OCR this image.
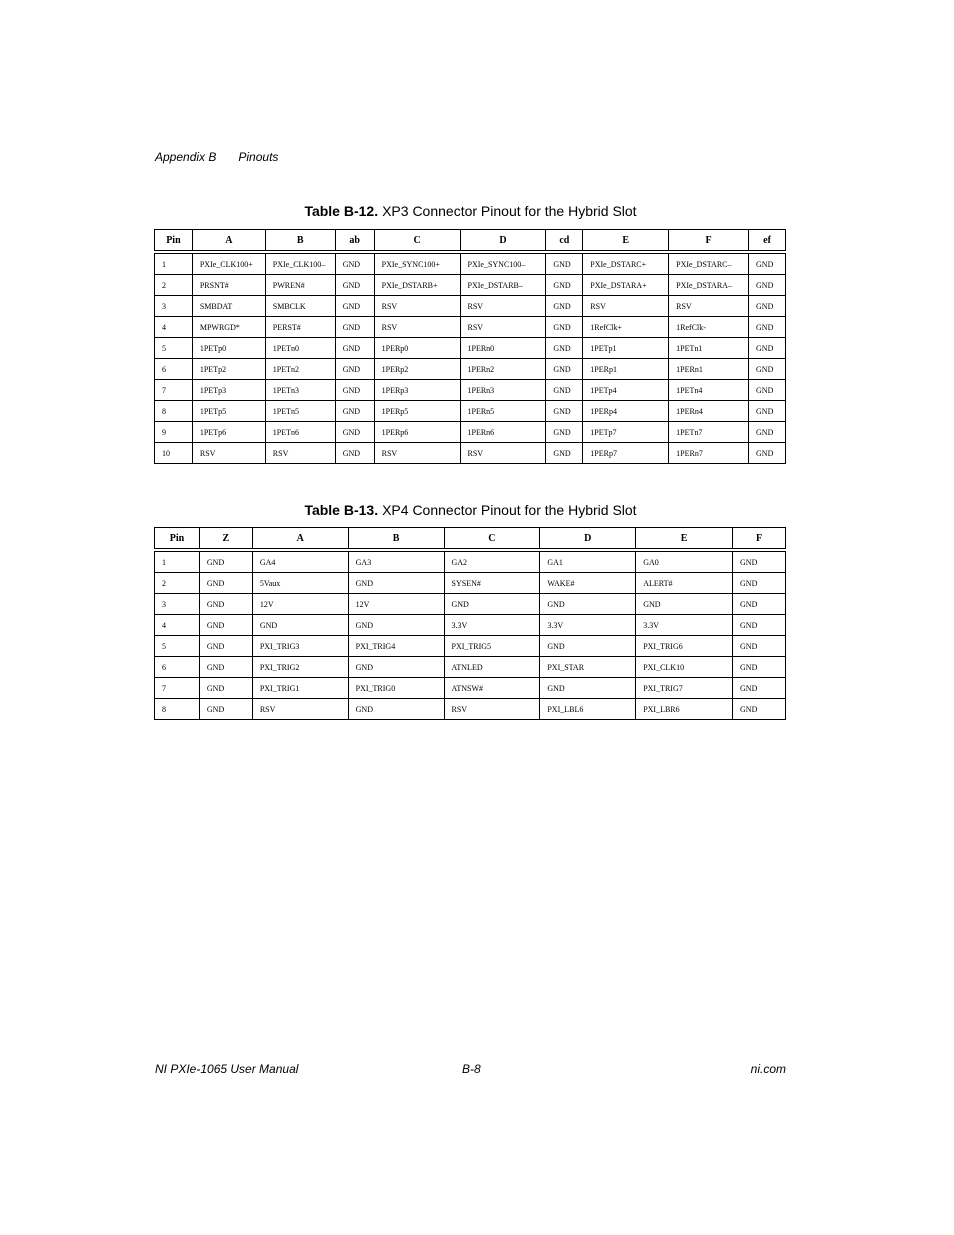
Appendix B Pinouts
Table B-12. XP3 Connector Pinout for the Hybrid Slot
Pin	A	B	ab	C	D	cd	E	F	ef
1	PXIe_CLK100+	PXIe_CLK100–	GND	PXIe_SYNC100+	PXIe_SYNC100–	GND	PXIe_DSTARC+	PXIe_DSTARC–	GND
2	PRSNT#	PWREN#	GND	PXIe_DSTARB+	PXIe_DSTARB–	GND	PXIe_DSTARA+	PXIe_DSTARA–	GND
3	SMBDAT	SMBCLK	GND	RSV	RSV	GND	RSV	RSV	GND
4	MPWRGD*	PERST#	GND	RSV	RSV	GND	1RefClk+	1RefClk-	GND
5	1PETp0	1PETn0	GND	1PERp0	1PERn0	GND	1PETp1	1PETn1	GND
6	1PETp2	1PETn2	GND	1PERp2	1PERn2	GND	1PERp1	1PERn1	GND
7	1PETp3	1PETn3	GND	1PERp3	1PERn3	GND	1PETp4	1PETn4	GND
8	1PETp5	1PETn5	GND	1PERp5	1PERn5	GND	1PERp4	1PERn4	GND
9	1PETp6	1PETn6	GND	1PERp6	1PERn6	GND	1PETp7	1PETn7	GND
10	RSV	RSV	GND	RSV	RSV	GND	1PERp7	1PERn7	GND
Table B-13. XP4 Connector Pinout for the Hybrid Slot
Pin	Z	A	B	C	D	E	F
1	GND	GA4	GA3	GA2	GA1	GA0	GND
2	GND	5Vaux	GND	SYSEN#	WAKE#	ALERT#	GND
3	GND	12V	12V	GND	GND	GND	GND
4	GND	GND	GND	3.3V	3.3V	3.3V	GND
5	GND	PXI_TRIG3	PXI_TRIG4	PXI_TRIG5	GND	PXI_TRIG6	GND
6	GND	PXI_TRIG2	GND	ATNLED	PXI_STAR	PXI_CLK10	GND
7	GND	PXI_TRIG1	PXI_TRIG0	ATNSW#	GND	PXI_TRIG7	GND
8	GND	RSV	GND	RSV	PXI_LBL6	PXI_LBR6	GND
NI PXIe-1065 User Manual	B-8	ni.com
